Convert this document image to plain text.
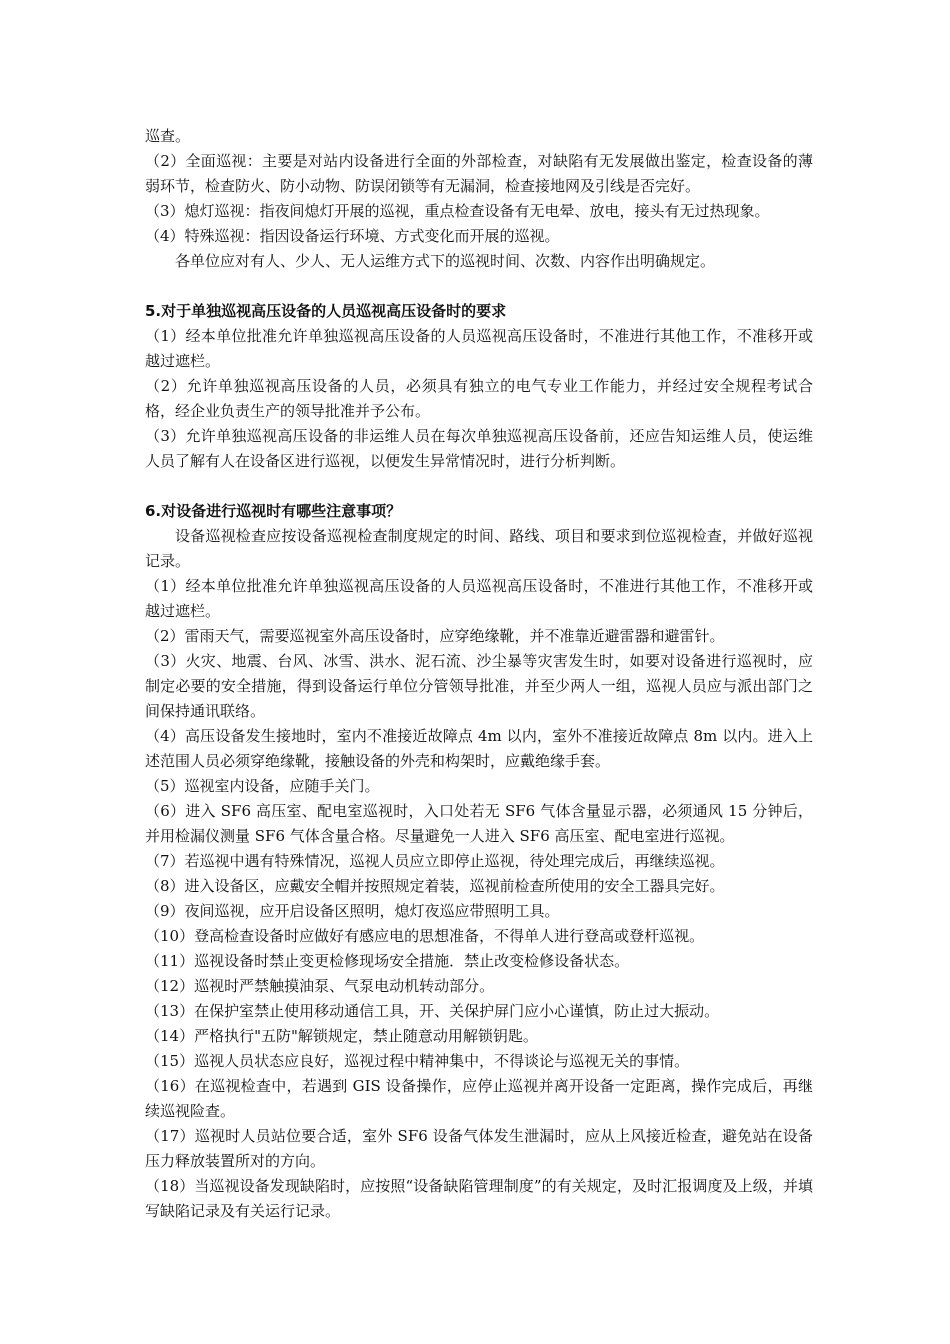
巡查。

（2）全面巡视：主要是对站内设备进行全面的外部检查，对缺陷有无发展做出鉴定，检查设备的薄弱环节，检查防火、防小动物、防误闭锁等有无漏洞，检查接地网及引线是否完好。

（3）熄灯巡视：指夜间熄灯开展的巡视，重点检查设备有无电晕、放电，接头有无过热现象。

（4）特殊巡视：指因设备运行环境、方式变化而开展的巡视。

各单位应对有人、少人、无人运维方式下的巡视时间、次数、内容作出明确规定。

5.对于单独巡视高压设备的人员巡视高压设备时的要求

（1）经本单位批准允许单独巡视高压设备的人员巡视高压设备时，不准进行其他工作，不准移开或越过遮栏。

（2）允许单独巡视高压设备的人员，必须具有独立的电气专业工作能力，并经过安全规程考试合格，经企业负责生产的领导批准并予公布。

（3）允许单独巡视高压设备的非运维人员在每次单独巡视高压设备前，还应告知运维人员，使运维人员了解有人在设备区进行巡视，以便发生异常情况时，进行分析判断。

6.对设备进行巡视时有哪些注意事项？

设备巡视检查应按设备巡视检查制度规定的时间、路线、项目和要求到位巡视检查，并做好巡视记录。

（1）经本单位批准允许单独巡视高压设备的人员巡视高压设备时，不准进行其他工作，不准移开或越过遮栏。

（2）雷雨天气，需要巡视室外高压设备时，应穿绝缘靴，并不准靠近避雷器和避雷针。

（3）火灾、地震、台风、冰雪、洪水、泥石流、沙尘暴等灾害发生时，如要对设备进行巡视时，应制定必要的安全措施，得到设备运行单位分管领导批准，并至少两人一组，巡视人员应与派出部门之间保持通讯联络。

（4）高压设备发生接地时，室内不准接近故障点 4m 以内，室外不准接近故障点 8m 以内。进入上述范围人员必须穿绝缘靴，接触设备的外壳和构架时，应戴绝缘手套。

（5）巡视室内设备，应随手关门。

（6）进入 SF6 高压室、配电室巡视时，入口处若无 SF6 气体含量显示器，必须通风 15 分钟后，并用检漏仪测量 SF6 气体含量合格。尽量避免一人进入 SF6 高压室、配电室进行巡视。

（7）若巡视中遇有特殊情况，巡视人员应立即停止巡视，待处理完成后，再继续巡视。

（8）进入设备区，应戴安全帽并按照规定着装，巡视前检查所使用的安全工器具完好。

（9）夜间巡视，应开启设备区照明，熄灯夜巡应带照明工具。

（10）登高检查设备时应做好有感应电的思想准备，不得单人进行登高或登杆巡视。

（11）巡视设备时禁止变更检修现场安全措施．禁止改变检修设备状态。

（12）巡视时严禁触摸油泵、气泵电动机转动部分。

（13）在保护室禁止使用移动通信工具，开、关保护屏门应小心谨慎，防止过大振动。

（14）严格执行"五防"解锁规定，禁止随意动用解锁钥匙。

（15）巡视人员状态应良好，巡视过程中精神集中，不得谈论与巡视无关的事情。

（16）在巡视检查中，若遇到 GIS 设备操作，应停止巡视并离开设备一定距离，操作完成后，再继续巡视险查。

（17）巡视时人员站位要合适，室外 SF6 设备气体发生泄漏时，应从上风接近检查，避免站在设备压力释放装置所对的方向。

（18）当巡视设备发现缺陷时，应按照“设备缺陷管理制度”的有关规定，及时汇报调度及上级，并填写缺陷记录及有关运行记录。
